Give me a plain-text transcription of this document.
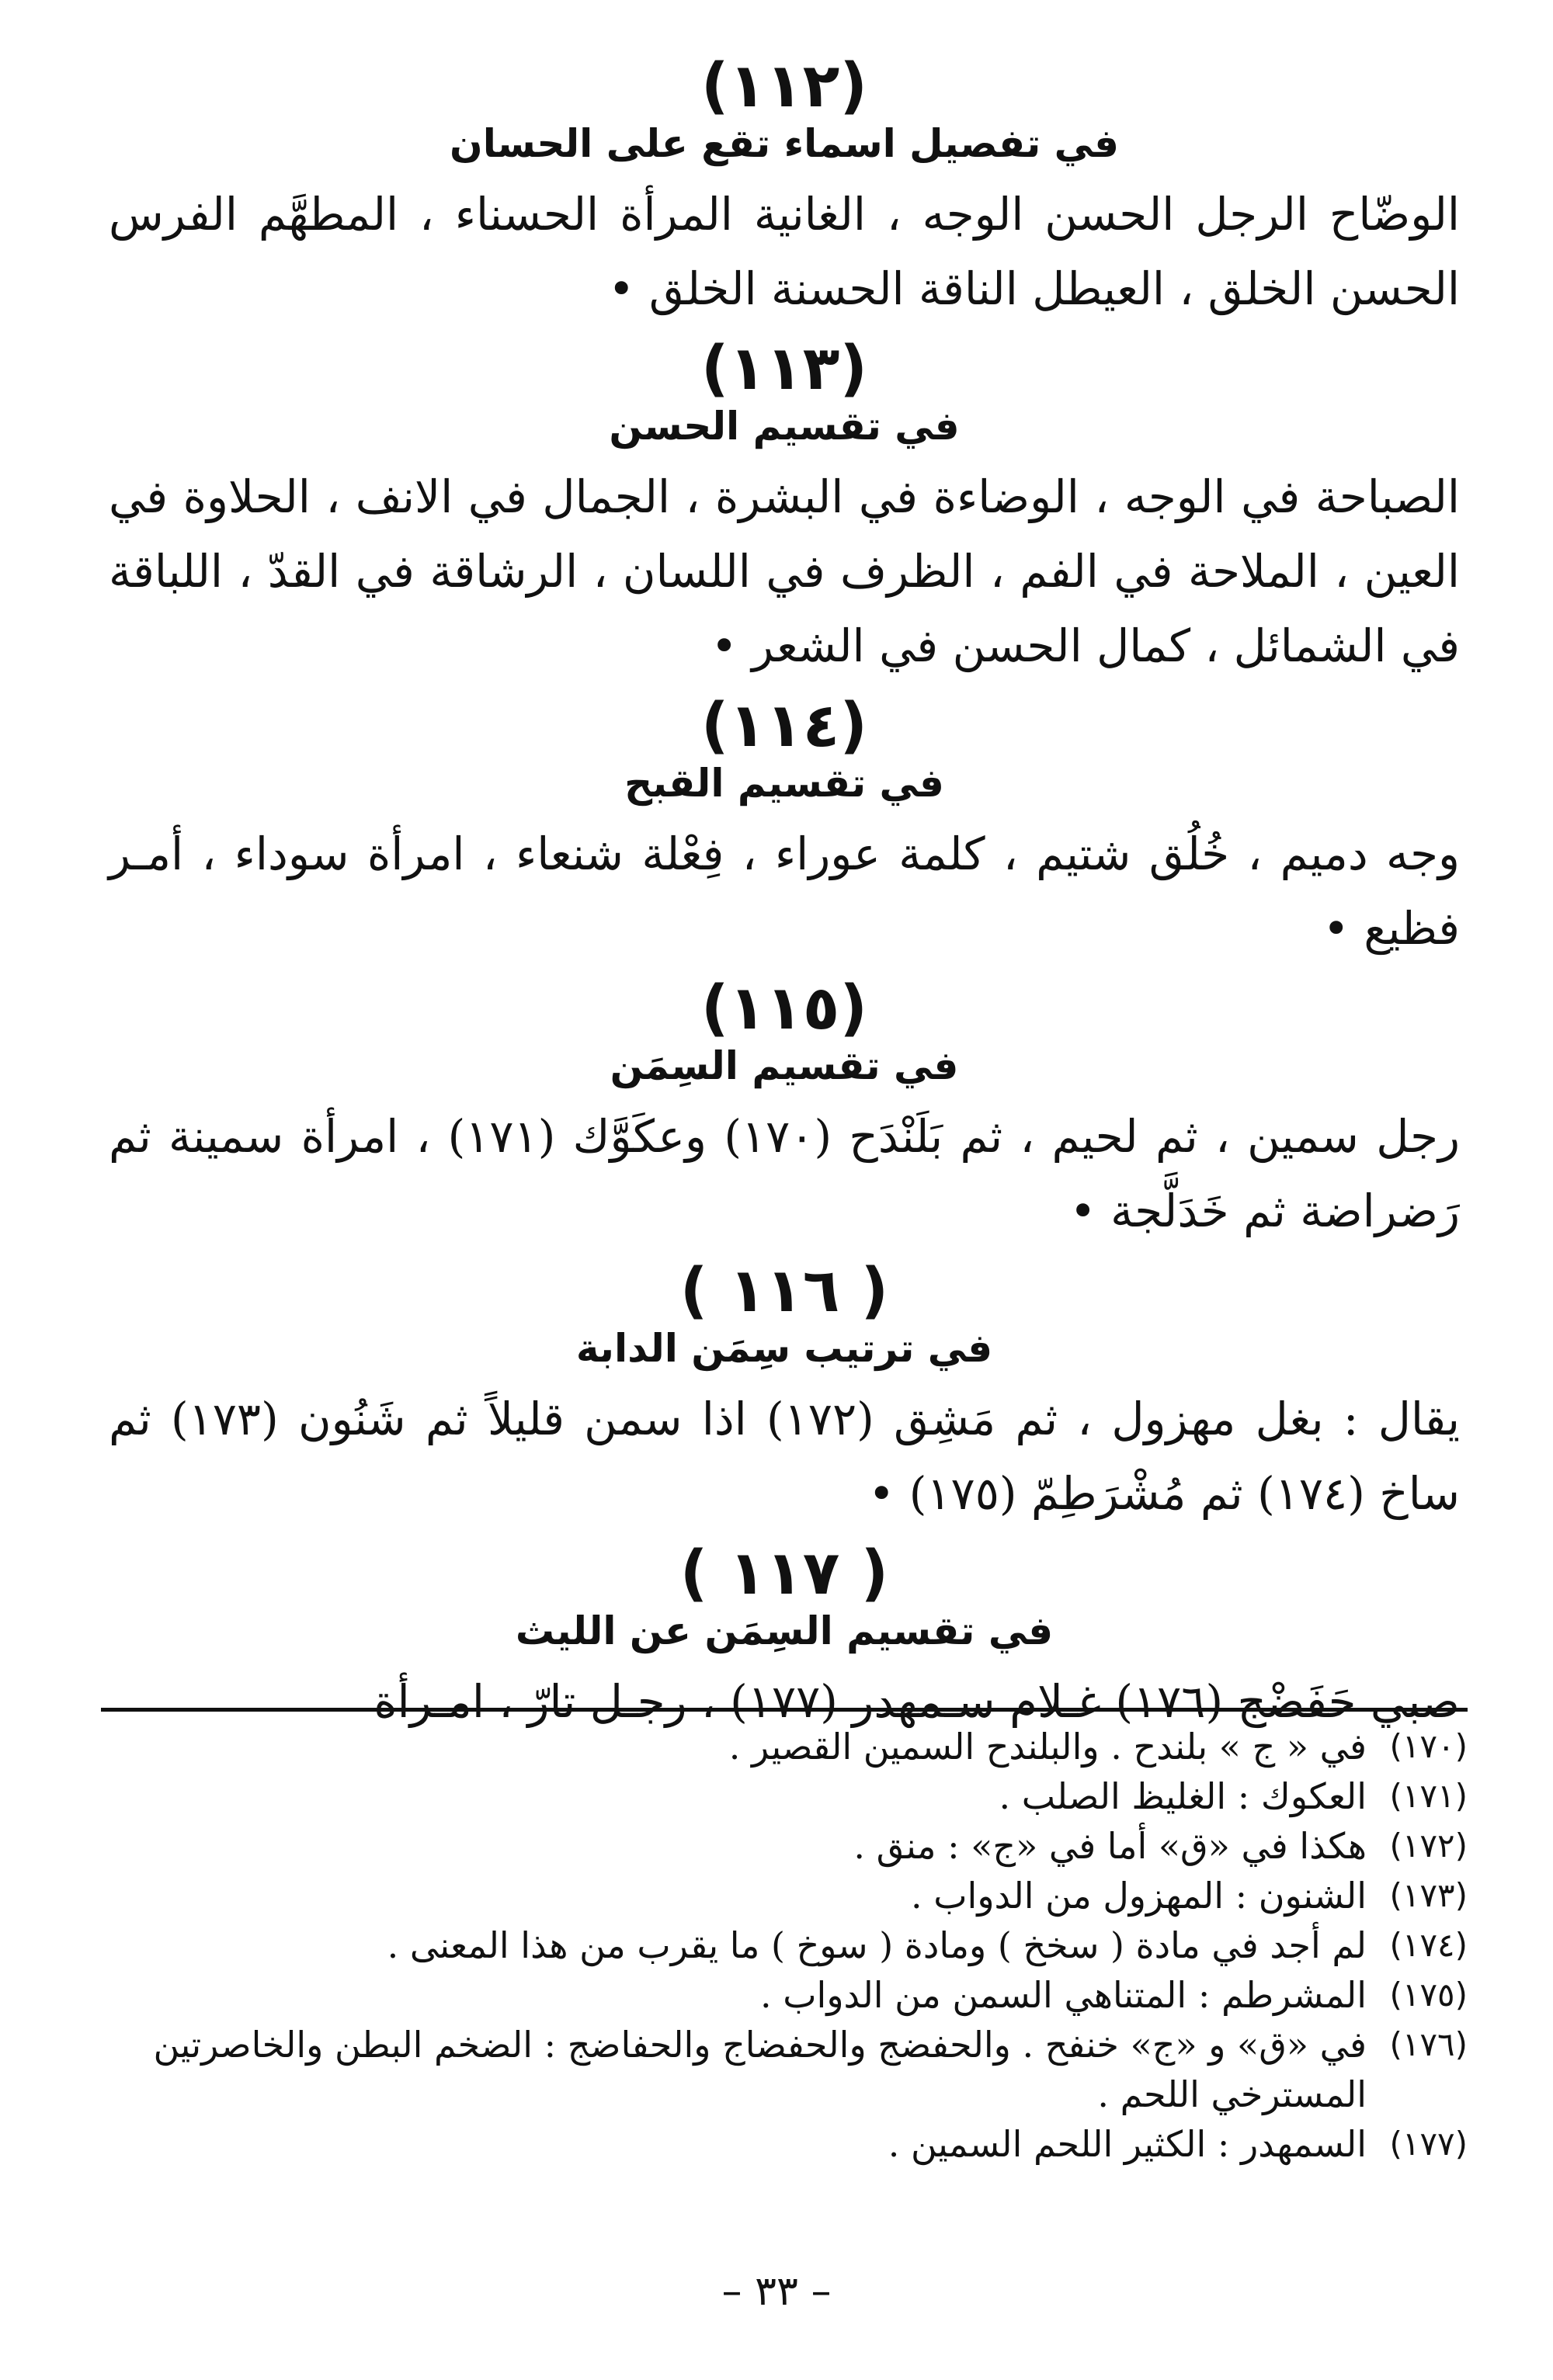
(١١٢)
في تفصيل اسماء تقع على الحسان
الوضّاح الرجل الحسن الوجه ، الغانية المرأة الحسناء ، المطهَّم الفرس الحسن الخلق ، العيطل الناقة الحسنة الخلق •
(١١٣)
في تقسيم الحسن
الصباحة في الوجه ، الوضاءة في البشرة ، الجمال في الانف ، الحلاوة في العين ، الملاحة في الفم ، الظرف في اللسان ، الرشاقة في القدّ ، اللباقة في الشمائل ، كمال الحسن في الشعر •
(١١٤)
في تقسيم القبح
وجه دميم ، خُلُق شتيم ، كلمة عوراء ، فِعْلة شنعاء ، امرأة سوداء ، أمـر فظيع •
(١١٥)
في تقسيم السِمَن
رجل سمين ، ثم لحيم ، ثم بَلَنْدَح (١٧٠) وعكَوَّك (١٧١) ، امرأة سمينة ثم رَضراضة ثم خَدَلَّجة •
( ١١٦ )
في ترتيب سِمَن الدابة
يقال : بغل مهزول ، ثم مَشِق (١٧٢) اذا سمن قليلاً ثم شَنُون (١٧٣) ثم ساخ (١٧٤) ثم مُشْرَطِمّ (١٧٥) •
( ١١٧ )
في تقسيم السِمَن عن الليث
صبي حَفَضْج (١٧٦) غـلام سـمهدر (١٧٧) ، رجـل تارّ ، امـرأة
(١٧٠)
في « ج » بلندح . والبلندح السمين القصير .
(١٧١)
العكوك : الغليظ الصلب .
(١٧٢)
هكذا في «ق» أما في «ج» : منق .
(١٧٣)
الشنون : المهزول من الدواب .
(١٧٤)
لم أجد في مادة ( سخخ ) ومادة ( سوخ ) ما يقرب من هذا المعنى .
(١٧٥)
المشرطم : المتناهي السمن من الدواب .
(١٧٦)
في «ق» و «ج» خنفح . والحفضج والحفضاج والحفاضج : الضخم البطن والخاصرتين المسترخي اللحم .
(١٧٧)
السمهدر : الكثير اللحم السمين .
– ٣٣ –
